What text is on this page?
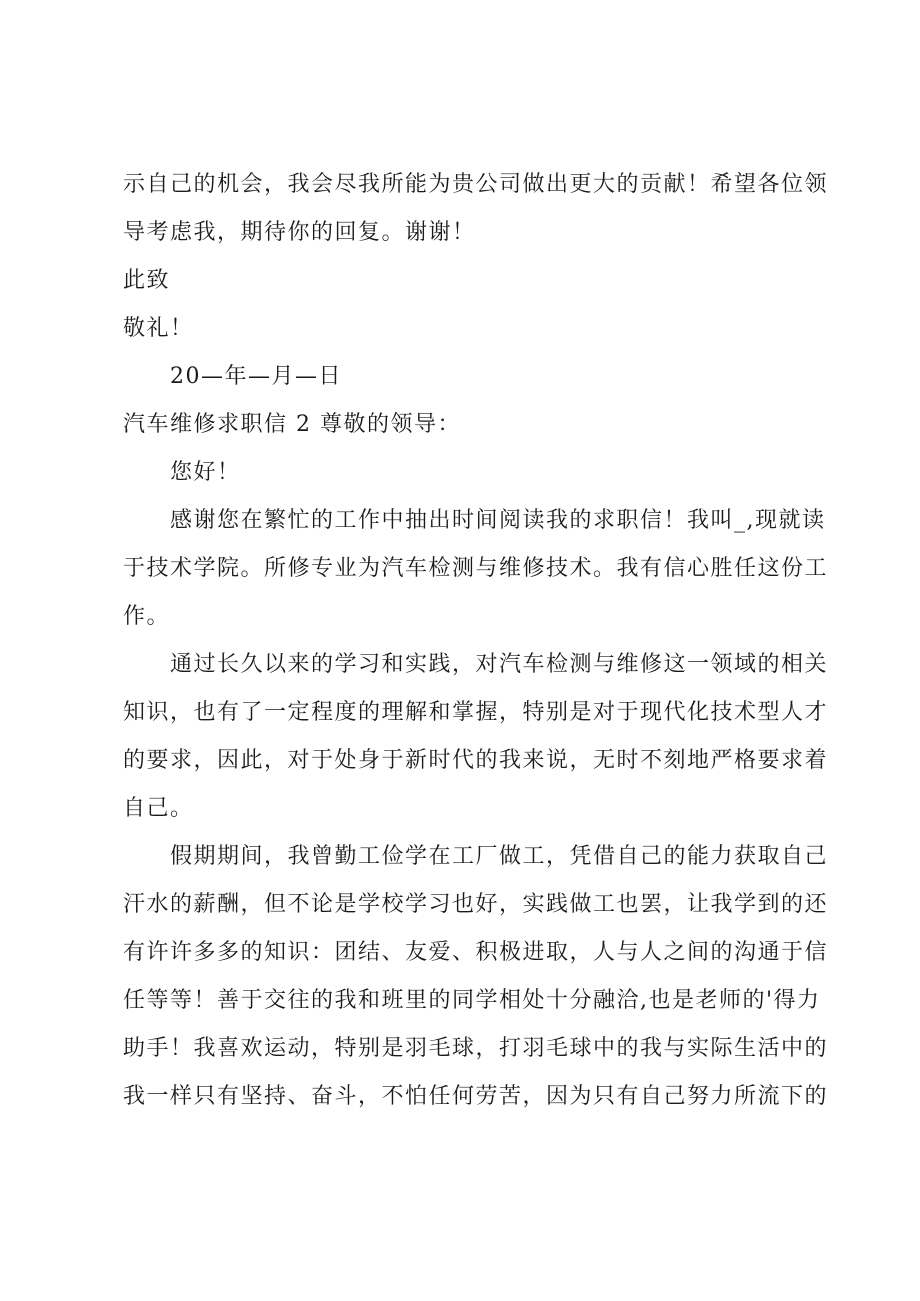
示自己的机会，我会尽我所能为贵公司做出更大的贡献！希望各位领
导考虑我，期待你的回复。谢谢！
此致
敬礼！
20—年—月—日
汽车维修求职信 2 尊敬的领导：
您好！
感谢您在繁忙的工作中抽出时间阅读我的求职信！我叫_,现就读
于技术学院。所修专业为汽车检测与维修技术。我有信心胜任这份工
作。
通过长久以来的学习和实践，对汽车检测与维修这一领域的相关
知识，也有了一定程度的理解和掌握，特别是对于现代化技术型人才
的要求，因此，对于处身于新时代的我来说，无时不刻地严格要求着
自己。
假期期间，我曾勤工俭学在工厂做工，凭借自己的能力获取自己
汗水的薪酬，但不论是学校学习也好，实践做工也罢，让我学到的还
有许许多多的知识：团结、友爱、积极进取，人与人之间的沟通于信
任等等！善于交往的我和班里的同学相处十分融洽,也是老师的'得力
助手！我喜欢运动，特别是羽毛球，打羽毛球中的我与实际生活中的
我一样只有坚持、奋斗，不怕任何劳苦，因为只有自己努力所流下的
